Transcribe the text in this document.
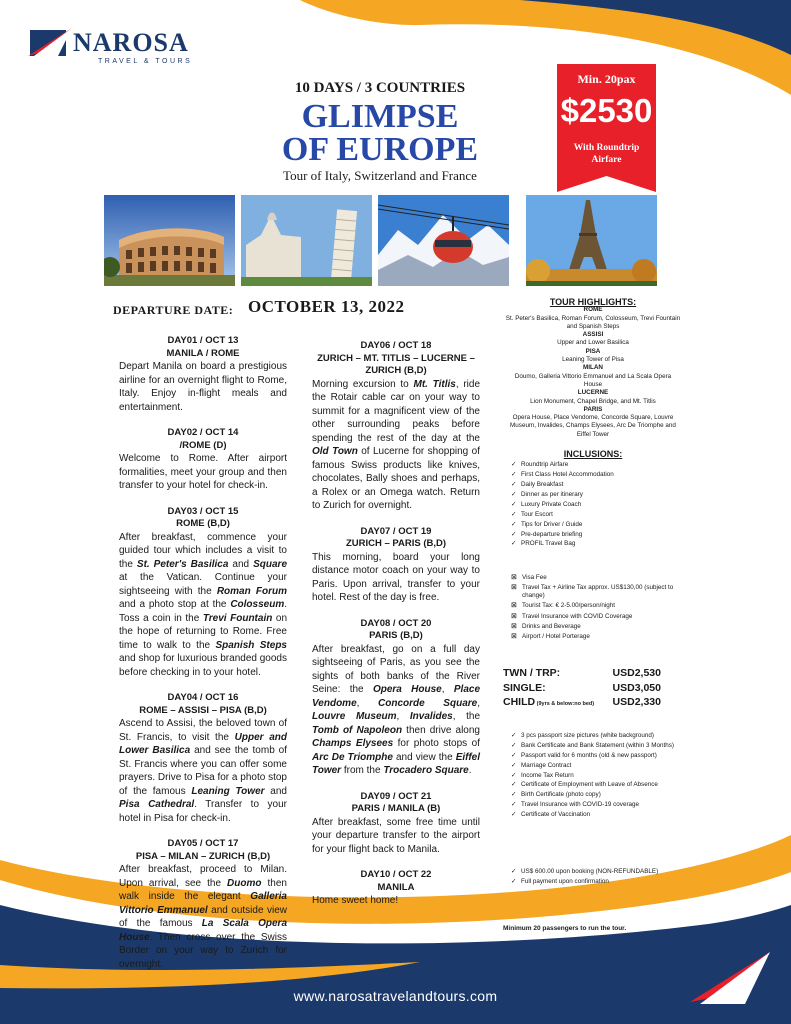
NAROSA
TRAVEL & TOURS
10 DAYS / 3 COUNTRIES
GLIMPSE
OF EUROPE
Tour of Italy, Switzerland and France
Min. 20pax
$2530
With Roundtrip
Airfare
DEPARTURE DATE: OCTOBER 13, 2022
DAY01 / OCT 13
MANILA / ROME
Depart Manila on board a prestigious airline for an overnight flight to Rome, Italy. Enjoy in-flight meals and entertainment.
DAY02 / OCT 14
/ROME (D)
Welcome to Rome. After airport formalities, meet your group and then transfer to your hotel for check-in.
DAY03 / OCT 15
ROME (B,D)
After breakfast, commence your guided tour which includes a visit to the St. Peter's Basilica and Square at the Vatican. Continue your sightseeing with the Roman Forum and a photo stop at the Colosseum. Toss a coin in the Trevi Fountain on the hope of returning to Rome. Free time to walk to the Spanish Steps and shop for luxurious branded goods before checking in to your hotel.
DAY04 / OCT 16
ROME – ASSISI – PISA (B,D)
Ascend to Assisi, the beloved town of St. Francis, to visit the Upper and Lower Basilica and see the tomb of St. Francis where you can offer some prayers. Drive to Pisa for a photo stop of the famous Leaning Tower and Pisa Cathedral. Transfer to your hotel in Pisa for check-in.
DAY05 / OCT 17
PISA – MILAN – ZURICH (B,D)
After breakfast, proceed to Milan. Upon arrival, see the Duomo then walk inside the elegant Galleria Vittorio Emmanuel and outside view of the famous La Scala Opera House. Then cross over the Swiss Border on your way to Zurich for overnight.
DAY06 / OCT 18
ZURICH – MT. TITLIS – LUCERNE – ZURICH (B,D)
Morning excursion to Mt. Titlis, ride the Rotair cable car on your way to summit for a magnificent view of the other surrounding peaks before spending the rest of the day at the Old Town of Lucerne for shopping of famous Swiss products like knives, chocolates, Bally shoes and perhaps, a Rolex or an Omega watch. Return to Zurich for overnight.
DAY07 / OCT 19
ZURICH – PARIS (B,D)
This morning, board your long distance motor coach on your way to Paris. Upon arrival, transfer to your hotel. Rest of the day is free.
DAY08 / OCT 20
PARIS (B,D)
After breakfast, go on a full day sightseeing of Paris, as you see the sights of both banks of the River Seine: the Opera House, Place Vendome, Concorde Square, Louvre Museum, Invalides, the Tomb of Napoleon then drive along Champs Elysees for photo stops of Arc De Triomphe and view the Eiffel Tower from the Trocadero Square.
DAY09 / OCT 21
PARIS / MANILA (B)
After breakfast, some free time until your departure transfer to the airport for your flight back to Manila.
DAY10 / OCT 22
MANILA
Home sweet home!
TOUR HIGHLIGHTS:
ROME
St. Peter's Basilica, Roman Forum, Colosseum, Trevi Fountain and Spanish Steps
ASSISI
Upper and Lower Basilica
PISA
Leaning Tower of Pisa
MILAN
Doumo, Galleria Vittorio Emmanuel and La Scala Opera House
LUCERNE
Lion Monument, Chapel Bridge, and Mt. Titlis
PARIS
Opera House, Place Vendome, Concorde Square, Louvre Museum, Invalides, Champs Elysees, Arc De Triomphe and Eiffel Tower
INCLUSIONS:
✓ Roundtrip Airfare
✓ First Class Hotel Accommodation
✓ Daily Breakfast
✓ Dinner as per itinerary
✓ Luxury Private Coach
✓ Tour Escort
✓ Tips for Driver / Guide
✓ Pre-departure briefing
✓ PROFIL Travel Bag
⊠ Visa Fee
⊠ Travel Tax + Airline Tax approx. US$130,00 (subject to change)
⊠ Tourist Tax: € 2-5.00/person/night
⊠ Travel Insurance with COVID Coverage
⊠ Drinks and Beverage
⊠ Airport / Hotel Porterage
TWN / TRP:	USD2,530
SINGLE:	USD3,050
CHILD (9yrs & below:no bed) USD2,330
✓ 3 pcs passport size pictures (white background)
✓ Bank Certificate and Bank Statement (within 3 Months)
✓ Passport valid for 6 months (old & new passport)
✓ Marriage Contract
✓ Income Tax Return
✓ Certificate of Employment with Leave of Absence
✓ Birth Certificate (photo copy)
✓ Travel Insurance with COVID-19 coverage
✓ Certificate of Vaccination
✓ US$ 600.00 upon booking (NON-REFUNDABLE)
✓ Full payment upon confirmation
Minimum 20 passengers to run the tour.
www.narosatravelandtours.com
